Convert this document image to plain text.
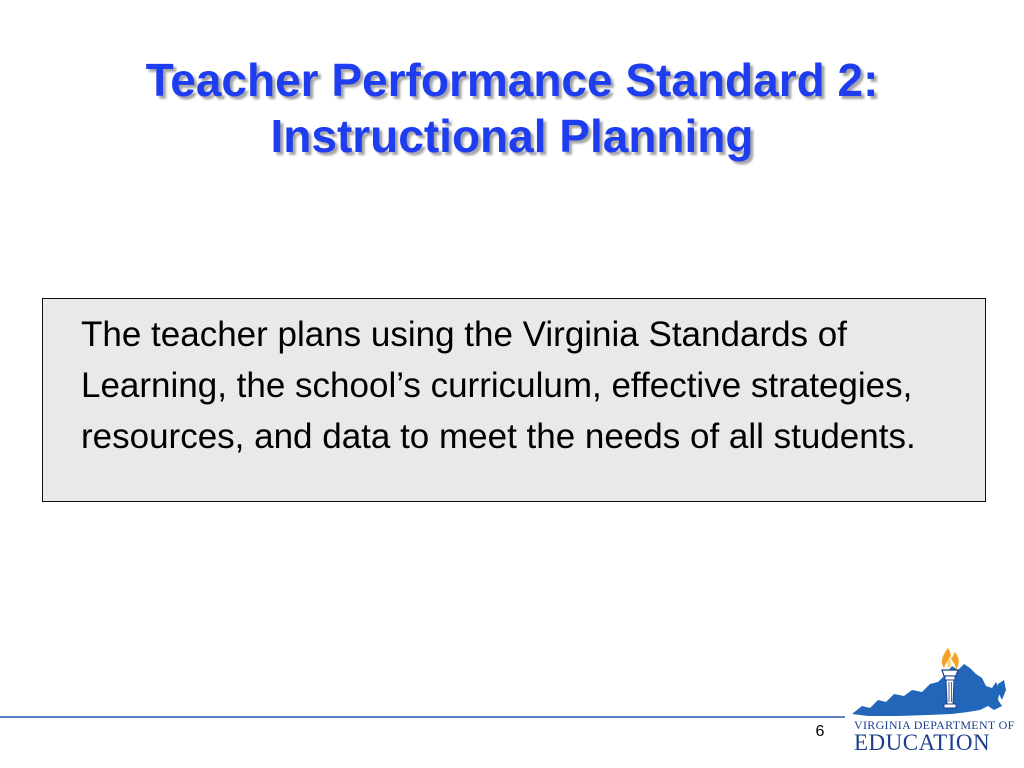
Teacher Performance Standard 2:
Instructional Planning

The teacher plans using the Virginia Standards of Learning, the school’s curriculum, effective strategies, resources, and data to meet the needs of all students.

6	VIRGINIA DEPARTMENT OF
EDUCATION
